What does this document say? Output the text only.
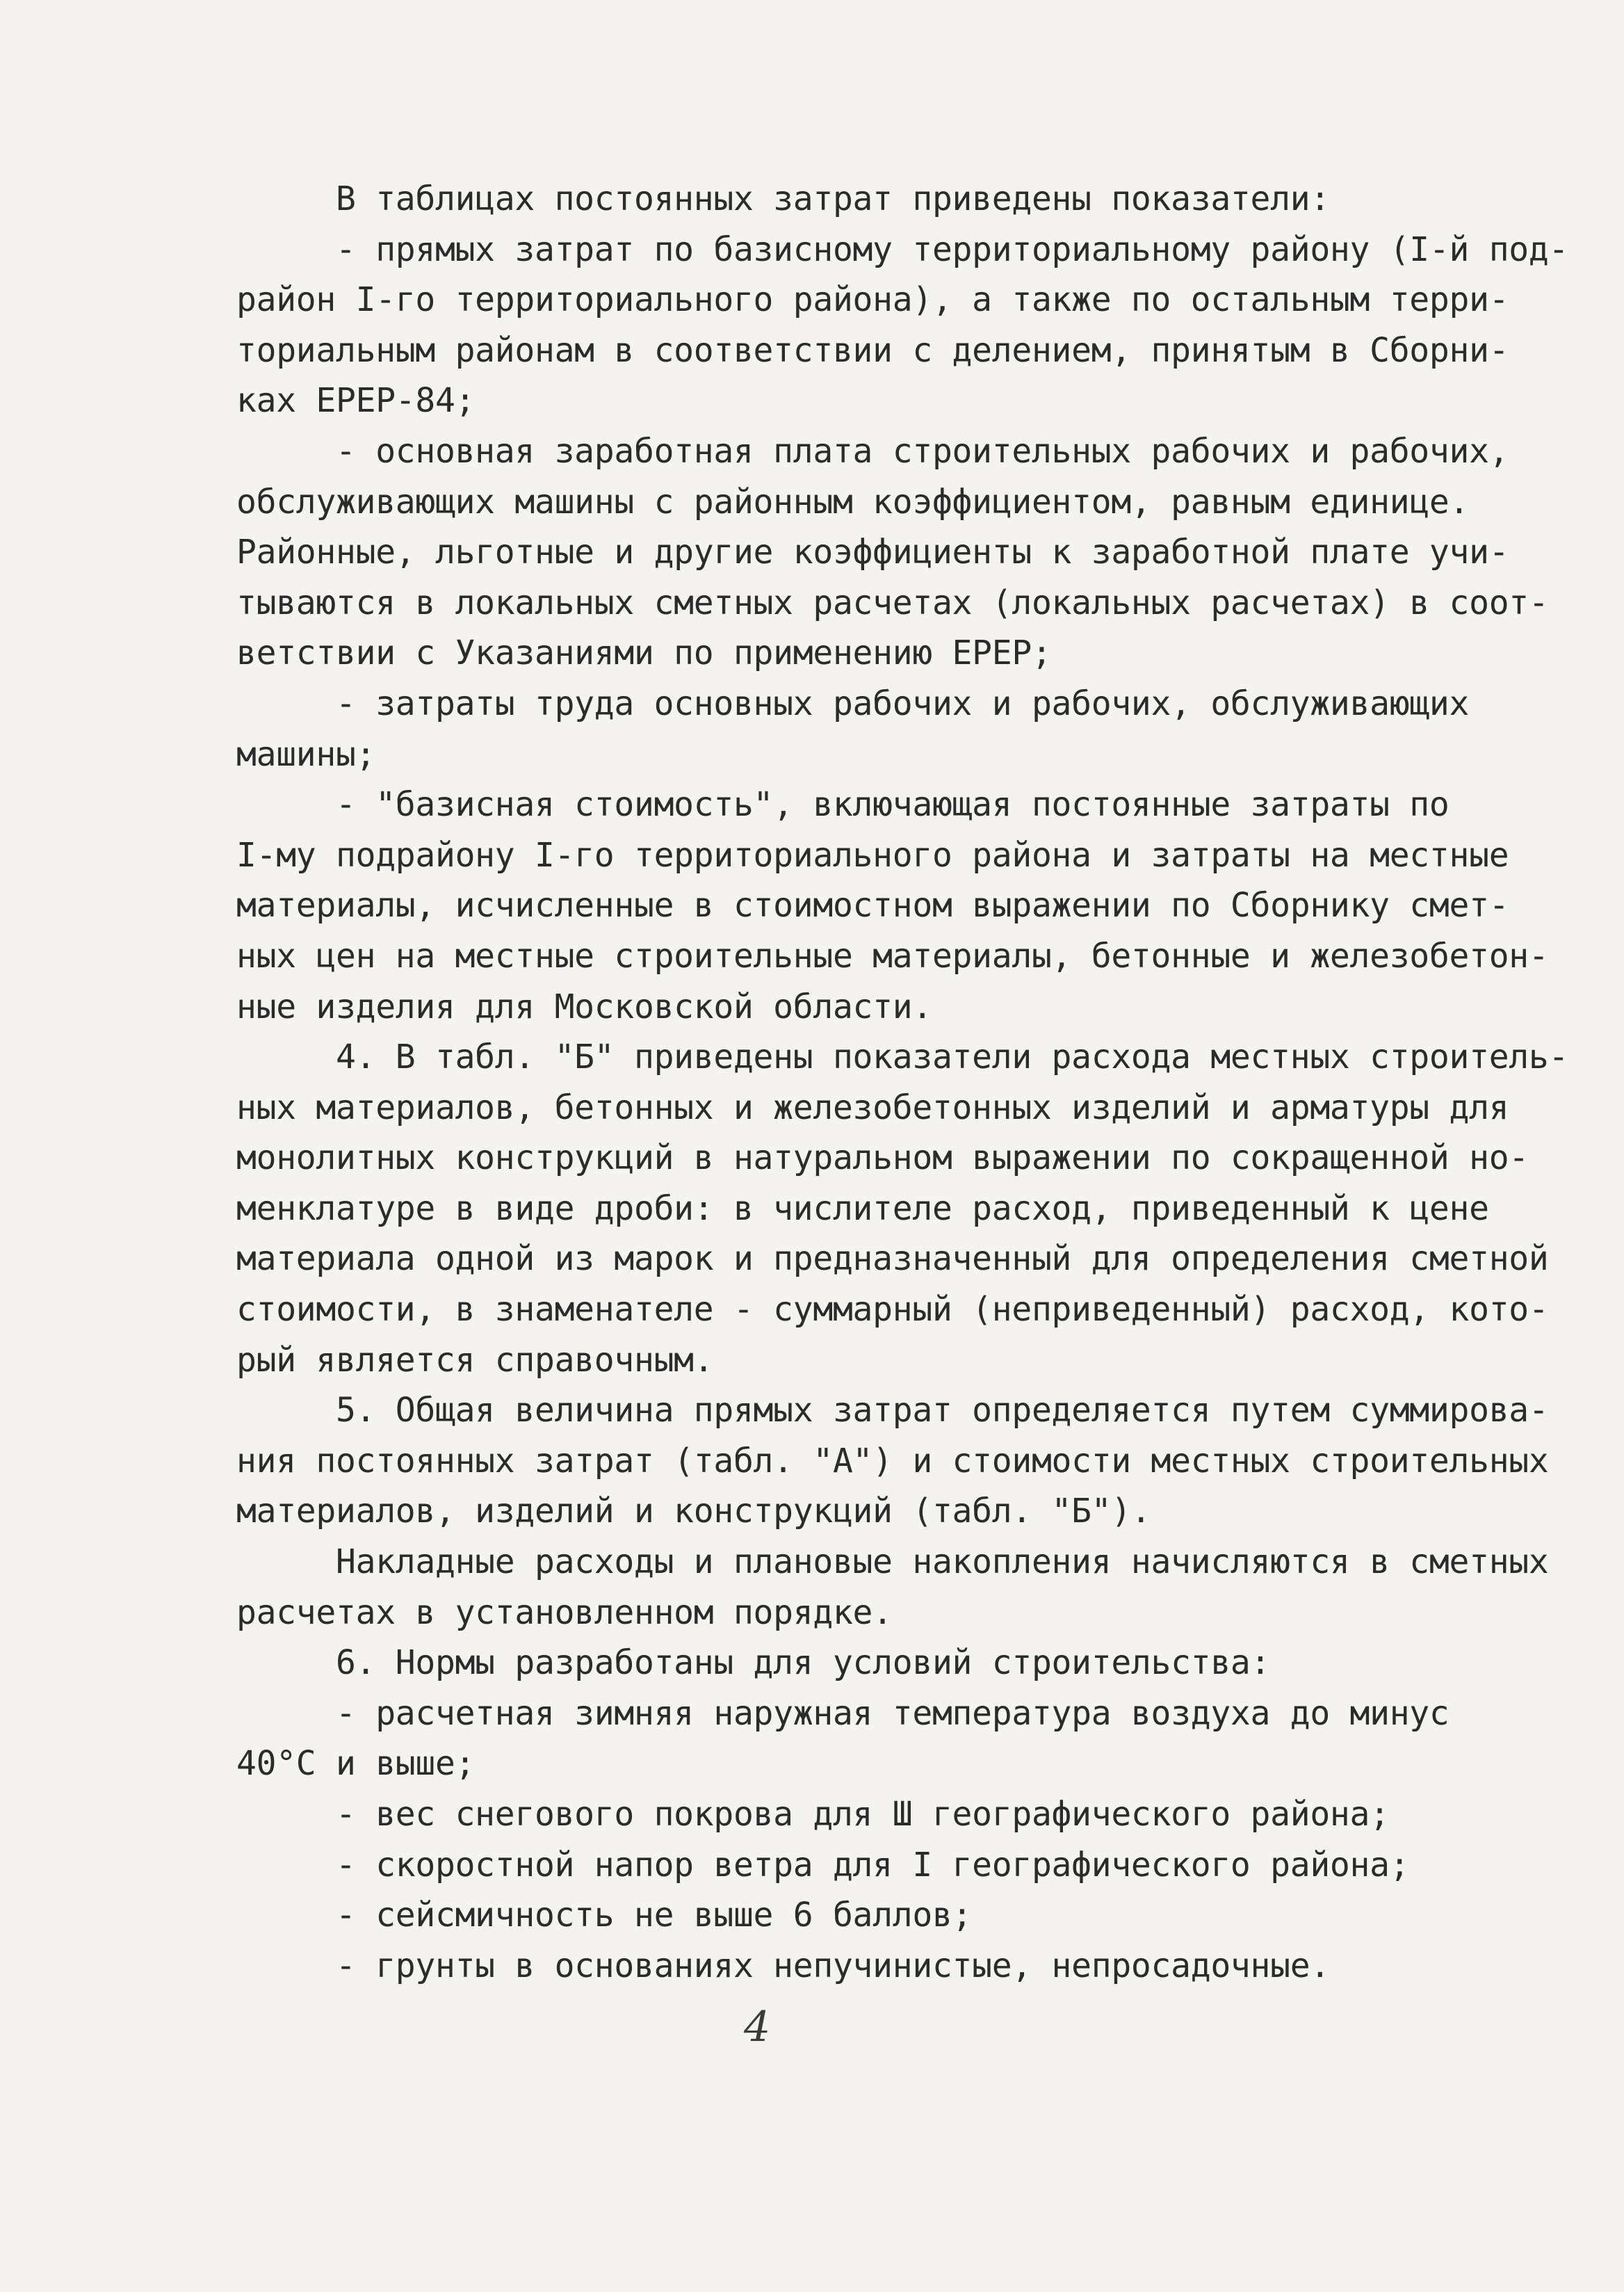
В таблицах постоянных затрат приведены показатели:
- прямых затрат по базисному территориальному району (I-й под-
район I-го территориального района), а также по остальным терри-
ториальным районам в соответствии с делением, принятым в Сборни-
ках ЕРЕР-84;
- основная заработная плата строительных рабочих и рабочих,
обслуживающих машины с районным коэффициентом, равным единице.
Районные, льготные и другие коэффициенты к заработной плате учи-
тываются в локальных сметных расчетах (локальных расчетах) в соот-
ветствии с Указаниями по применению ЕРЕР;
- затраты труда основных рабочих и рабочих, обслуживающих
машины;
- "базисная стоимость", включающая постоянные затраты по
I-му подрайону I-го территориального района и затраты на местные
материалы, исчисленные в стоимостном выражении по Сборнику смет-
ных цен на местные строительные материалы, бетонные и железобетон-
ные изделия для Московской области.
4. В табл. "Б" приведены показатели расхода местных строитель-
ных материалов, бетонных и железобетонных изделий и арматуры для
монолитных конструкций в натуральном выражении по сокращенной но-
менклатуре в виде дроби: в числителе расход, приведенный к цене
материала одной из марок и предназначенный для определения сметной
стоимости, в знаменателе - суммарный (неприведенный) расход, кото-
рый является справочным.
5. Общая величина прямых затрат определяется путем суммирова-
ния постоянных затрат (табл. "А") и стоимости местных строительных
материалов, изделий и конструкций (табл. "Б").
Накладные расходы и плановые накопления начисляются в сметных
расчетах в установленном порядке.
6. Нормы разработаны для условий строительства:
- расчетная зимняя наружная температура воздуха до минус
40°С и выше;
- вес снегового покрова для Ш географического района;
- скоростной напор ветра для I географического района;
- сейсмичность не выше 6 баллов;
- грунты в основаниях непучинистые, непросадочные.
4
